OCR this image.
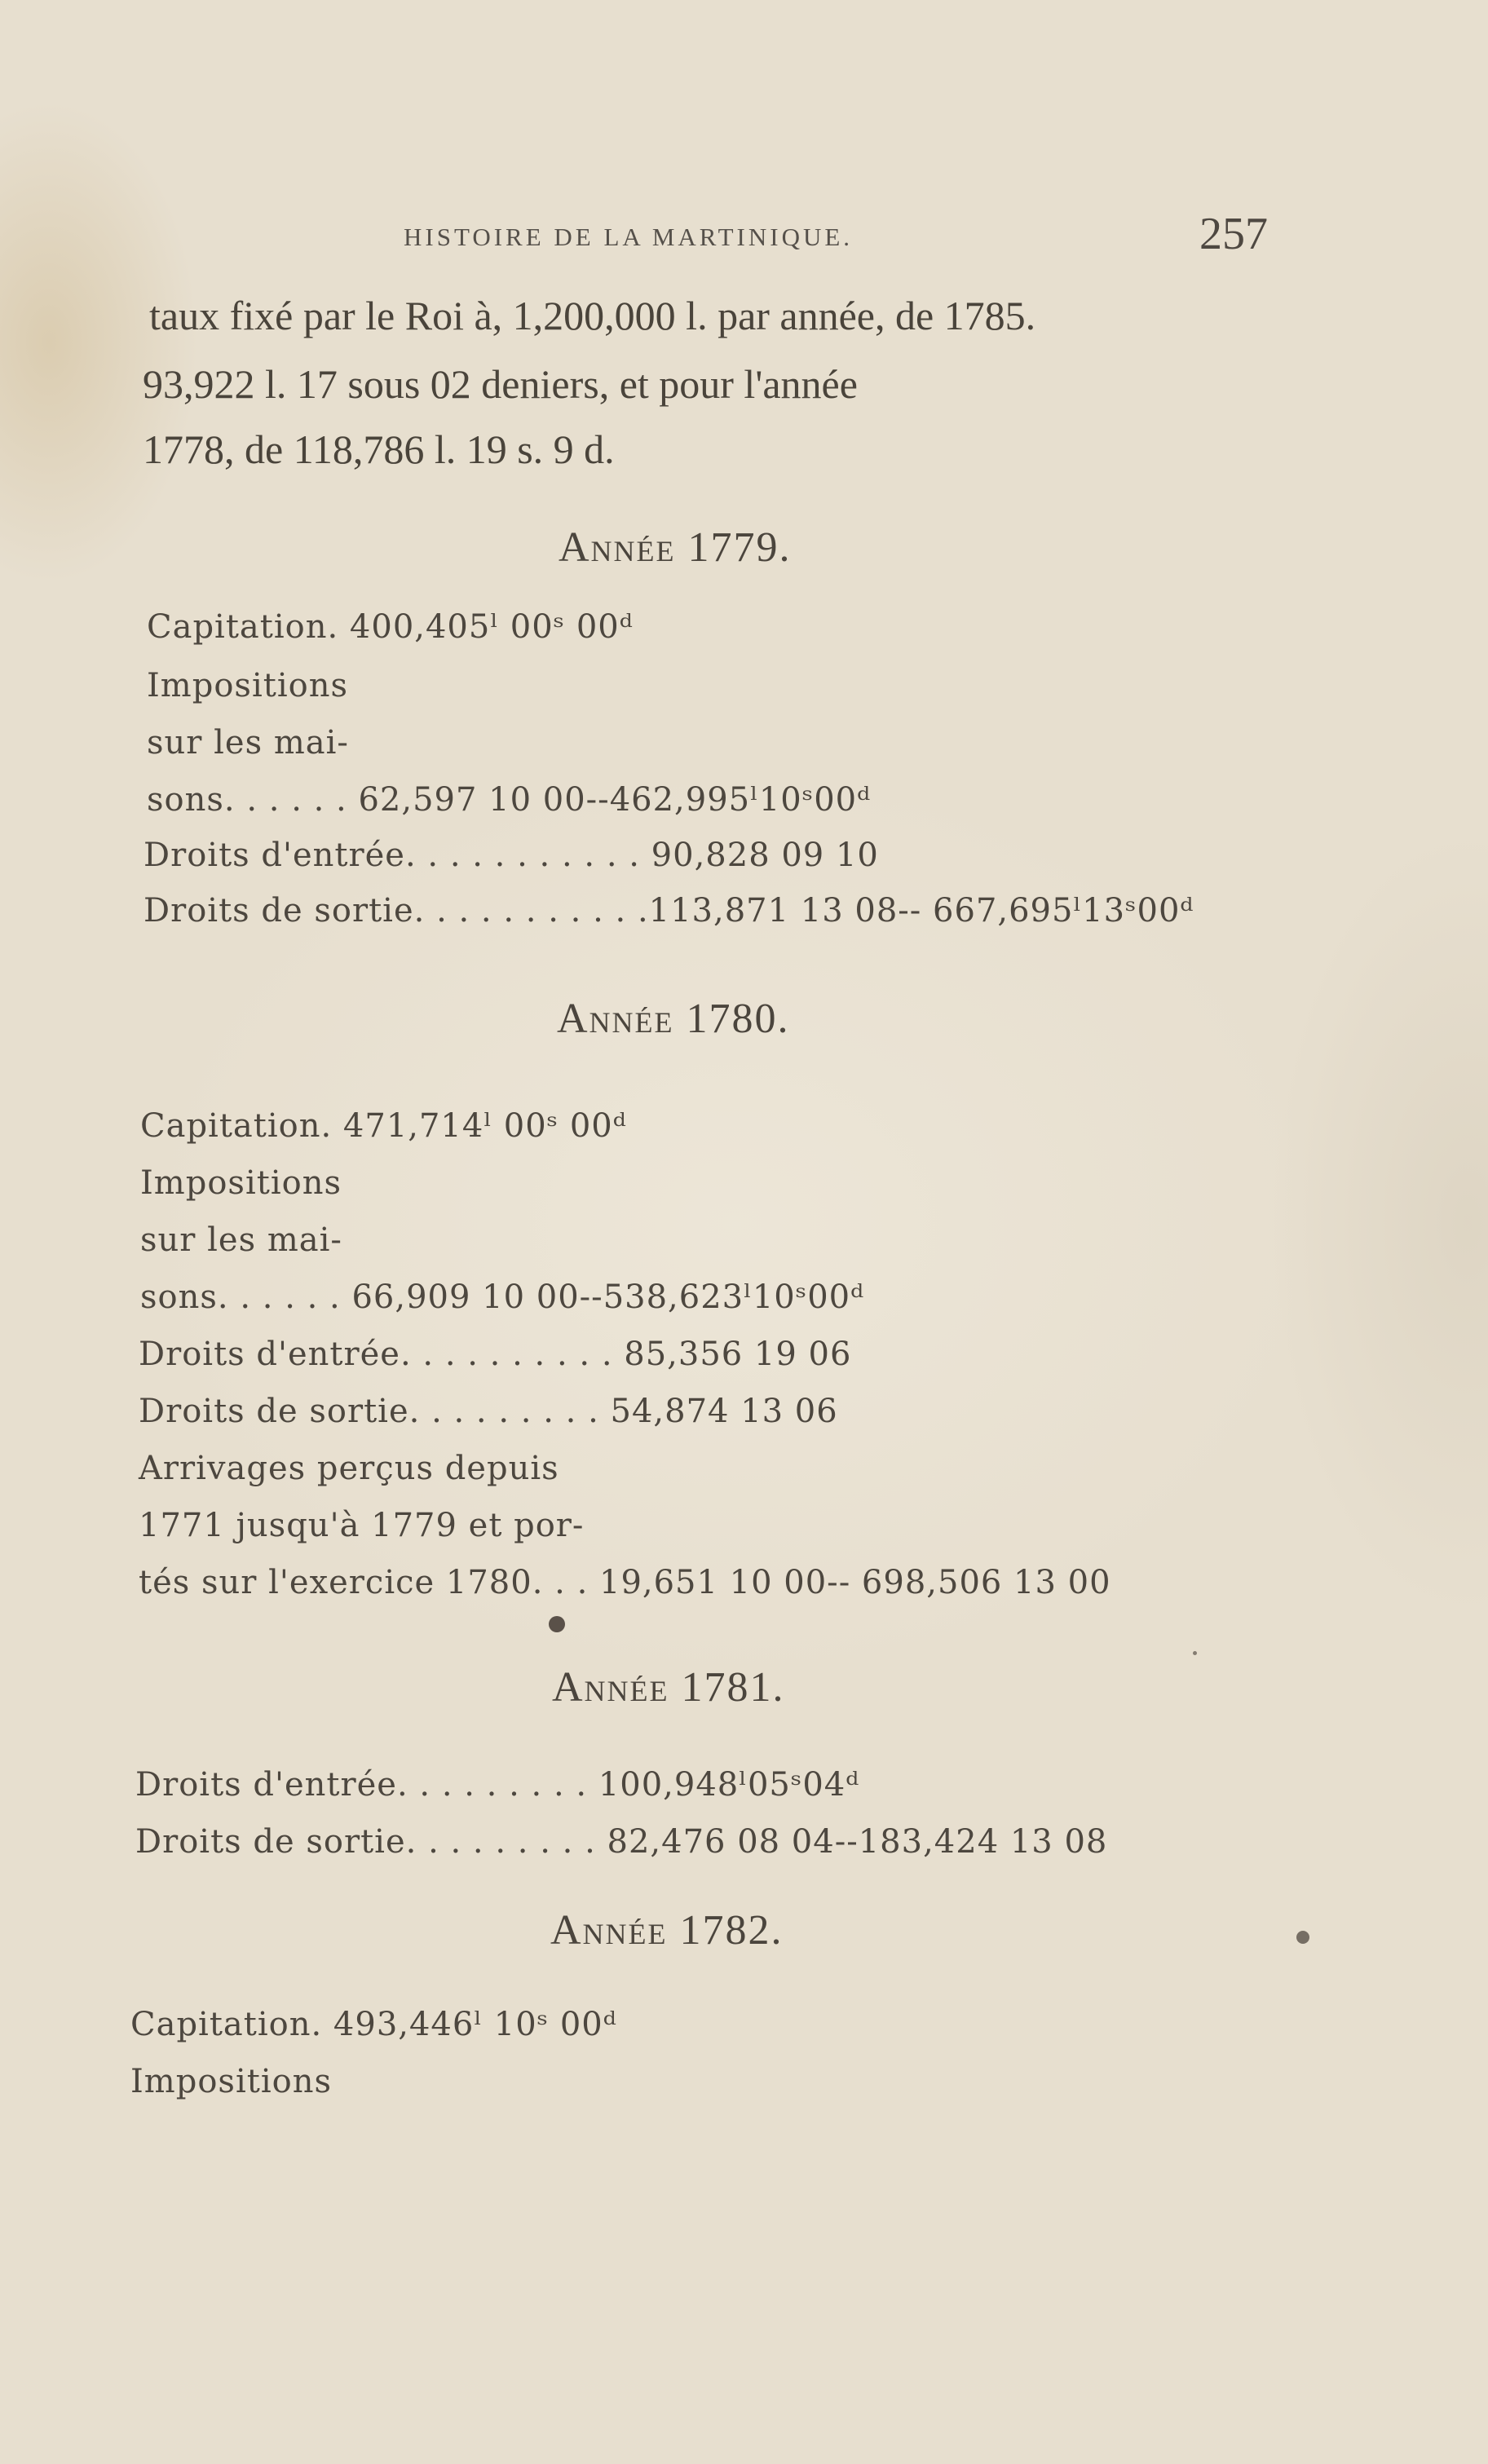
HISTOIRE DE LA MARTINIQUE.	257
taux fixé par le Roi à, 1,200,000 l. par année, de 1785.
93,922 l. 17 sous 02 deniers, et pour l'année
1778, de 118,786 l. 19 s. 9 d.
Année 1779.
Capitation. 400,405ˡ 00ˢ 00ᵈ
Impositions
sur les mai-
sons. . . . . . 62,597 10 00--462,995ˡ10ˢ00ᵈ
Droits d'entrée. . . . . . . . . . . 90,828 09 10
Droits de sortie. . . . . . . . . . .113,871 13 08-- 667,695ˡ13ˢ00ᵈ
Année 1780.
Capitation. 471,714ˡ 00ˢ 00ᵈ
Impositions
sur les mai-
sons. . . . . . 66,909 10 00--538,623ˡ10ˢ00ᵈ
Droits d'entrée. . . . . . . . . . 85,356 19 06
Droits de sortie. . . . . . . . . 54,874 13 06
Arrivages perçus depuis
1771 jusqu'à 1779 et por-
tés sur l'exercice 1780. . . 19,651 10 00-- 698,506 13 00
Année 1781.
Droits d'entrée. . . . . . . . . 100,948ˡ05ˢ04ᵈ
Droits de sortie. . . . . . . . . 82,476 08 04--183,424 13 08
Année 1782.
Capitation. 493,446ˡ 10ˢ 00ᵈ
Impositions
